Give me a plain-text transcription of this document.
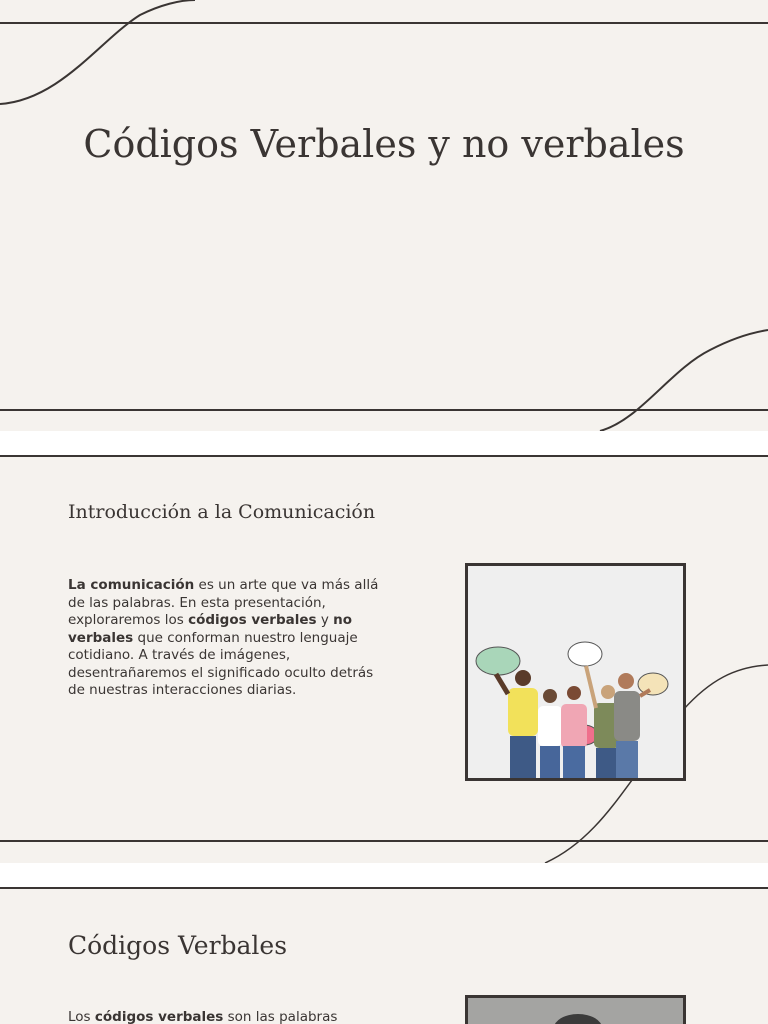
Códigos Verbales y no verbales
Introducción a la Comunicación

La comunicación es un arte que va más allá de las palabras. En esta presentación, exploraremos los códigos verbales y no verbales que conforman nuestro lenguaje cotidiano. A través de imágenes, desentrañaremos el significado oculto detrás de nuestras interacciones diarias.

Códigos Verbales

Los códigos verbales son las palabras
